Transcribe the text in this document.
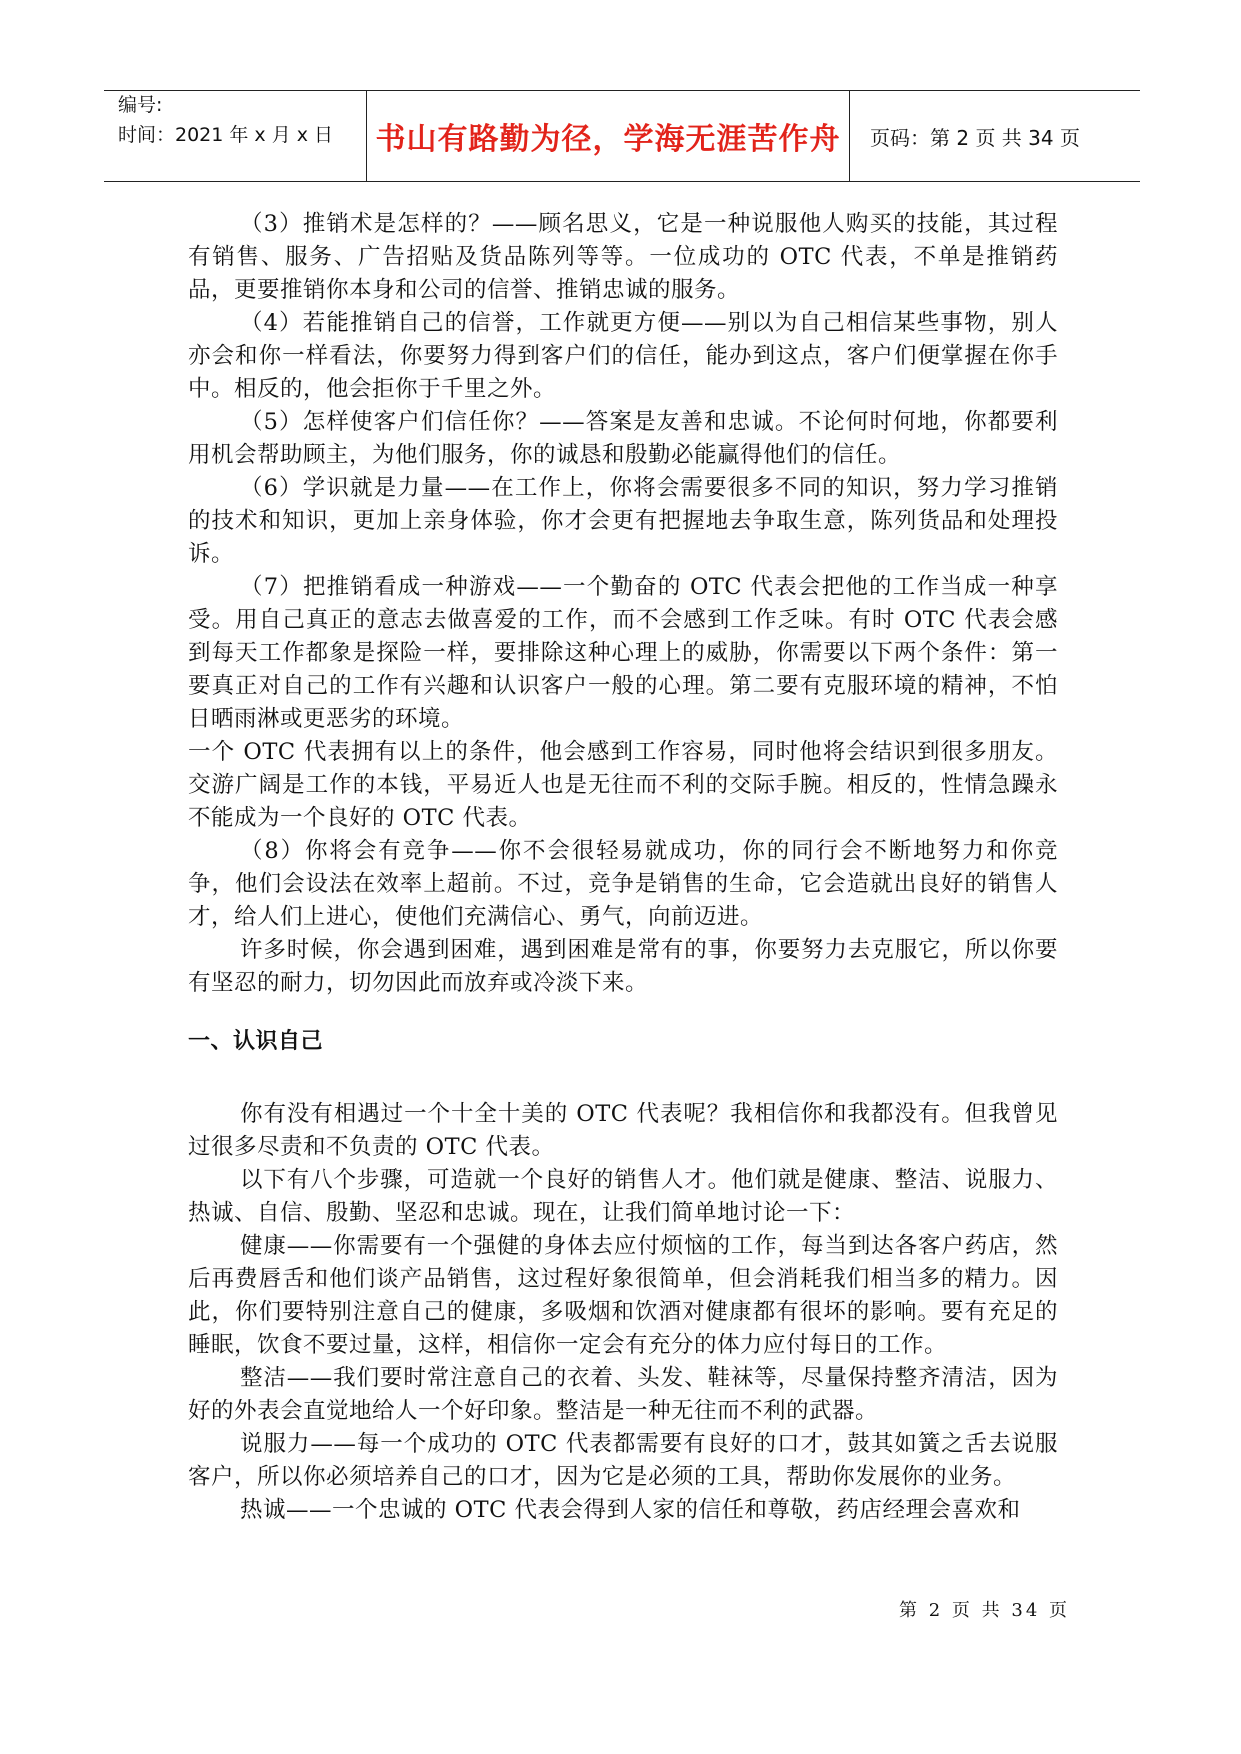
编号:
时间：2021 年 x 月 x 日	书山有路勤为径，学海无涯苦作舟 页码：第 2 页 共 34 页

（3）推销术是怎样的？——顾名思义，它是一种说服他人购买的技能，其过程有销售、服务、广告招贴及货品陈列等等。一位成功的 OTC 代表，不单是推销药品，更要推销你本身和公司的信誉、推销忠诚的服务。

（4）若能推销自己的信誉，工作就更方便——别以为自己相信某些事物，别人亦会和你一样看法，你要努力得到客户们的信任，能办到这点，客户们便掌握在你手中。相反的，他会拒你于千里之外。

（5）怎样使客户们信任你？——答案是友善和忠诚。不论何时何地，你都要利用机会帮助顾主，为他们服务，你的诚恳和殷勤必能赢得他们的信任。

（6）学识就是力量——在工作上，你将会需要很多不同的知识，努力学习推销的技术和知识，更加上亲身体验，你才会更有把握地去争取生意，陈列货品和处理投诉。

（7）把推销看成一种游戏——一个勤奋的 OTC 代表会把他的工作当成一种享受。用自己真正的意志去做喜爱的工作，而不会感到工作乏味。有时 OTC 代表会感到每天工作都象是探险一样，要排除这种心理上的威胁，你需要以下两个条件：第一要真正对自己的工作有兴趣和认识客户一般的心理。第二要有克服环境的精神，不怕日晒雨淋或更恶劣的环境。

一个 OTC 代表拥有以上的条件，他会感到工作容易，同时他将会结识到很多朋友。交游广阔是工作的本钱，平易近人也是无往而不利的交际手腕。相反的，性情急躁永不能成为一个良好的 OTC 代表。

（8）你将会有竞争——你不会很轻易就成功，你的同行会不断地努力和你竞争，他们会设法在效率上超前。不过，竞争是销售的生命，它会造就出良好的销售人才，给人们上进心，使他们充满信心、勇气，向前迈进。

许多时候，你会遇到困难，遇到困难是常有的事，你要努力去克服它，所以你要有坚忍的耐力，切勿因此而放弃或冷淡下来。

一、认识自己

你有没有相遇过一个十全十美的 OTC 代表呢？我相信你和我都没有。但我曾见过很多尽责和不负责的 OTC 代表。

以下有八个步骤，可造就一个良好的销售人才。他们就是健康、整洁、说服力、热诚、自信、殷勤、坚忍和忠诚。现在，让我们简单地讨论一下：

健康——你需要有一个强健的身体去应付烦恼的工作，每当到达各客户药店，然后再费唇舌和他们谈产品销售，这过程好象很简单，但会消耗我们相当多的精力。因此，你们要特别注意自己的健康，多吸烟和饮酒对健康都有很坏的影响。要有充足的睡眠，饮食不要过量，这样，相信你一定会有充分的体力应付每日的工作。

整洁——我们要时常注意自己的衣着、头发、鞋袜等，尽量保持整齐清洁，因为好的外表会直觉地给人一个好印象。整洁是一种无往而不利的武器。

说服力——每一个成功的 OTC 代表都需要有良好的口才，鼓其如簧之舌去说服客户，所以你必须培养自己的口才，因为它是必须的工具，帮助你发展你的业务。

热诚——一个忠诚的 OTC 代表会得到人家的信任和尊敬，药店经理会喜欢和

第 2 页 共 34 页
